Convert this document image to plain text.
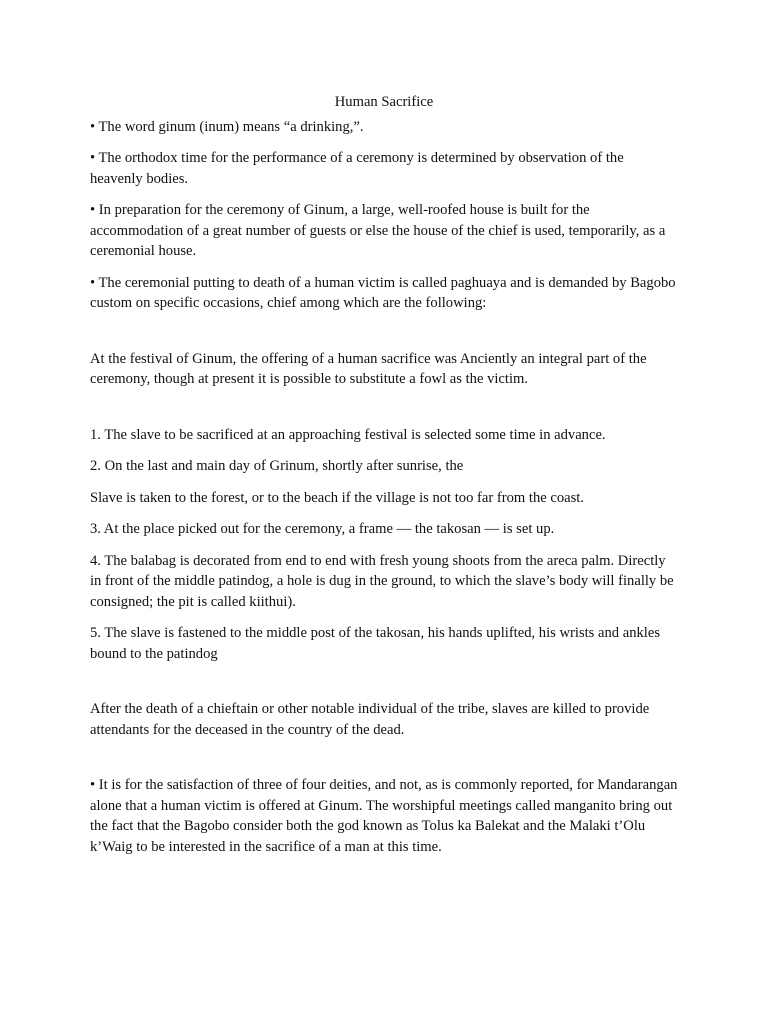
Human Sacrifice

• The word ginum (inum) means “a drinking,”.

• The orthodox time for the performance of a ceremony is determined by observation of the heavenly bodies.

• In preparation for the ceremony of Ginum, a large, well-roofed house is built for the accommodation of a great number of guests or else the house of the chief is used, temporarily, as a ceremonial house.

• The ceremonial putting to death of a human victim is called paghuaya and is demanded by Bagobo custom on specific occasions, chief among which are the following:

At the festival of Ginum, the offering of a human sacrifice was Anciently an integral part of the ceremony, though at present it is possible to substitute a fowl as the victim.

1. The slave to be sacrificed at an approaching festival is selected some time in advance.

2. On the last and main day of Grinum, shortly after sunrise, the

Slave is taken to the forest, or to the beach if the village is not too far from the coast.

3. At the place picked out for the ceremony, a frame — the takosan — is set up.

4. The balabag is decorated from end to end with fresh young shoots from the areca palm. Directly in front of the middle patindog, a hole is dug in the ground, to which the slave’s body will finally be consigned; the pit is called kiithui).

5. The slave is fastened to the middle post of the takosan, his hands uplifted, his wrists and ankles bound to the patindog

After the death of a chieftain or other notable individual of the tribe, slaves are killed to provide attendants for the deceased in the country of the dead.

• It is for the satisfaction of three of four deities, and not, as is commonly reported, for Mandarangan alone that a human victim is offered at Ginum. The worshipful meetings called manganito bring out the fact that the Bagobo consider both the god known as Tolus ka Balekat and the Malaki t’Olu k’Waig to be interested in the sacrifice of a man at this time.
